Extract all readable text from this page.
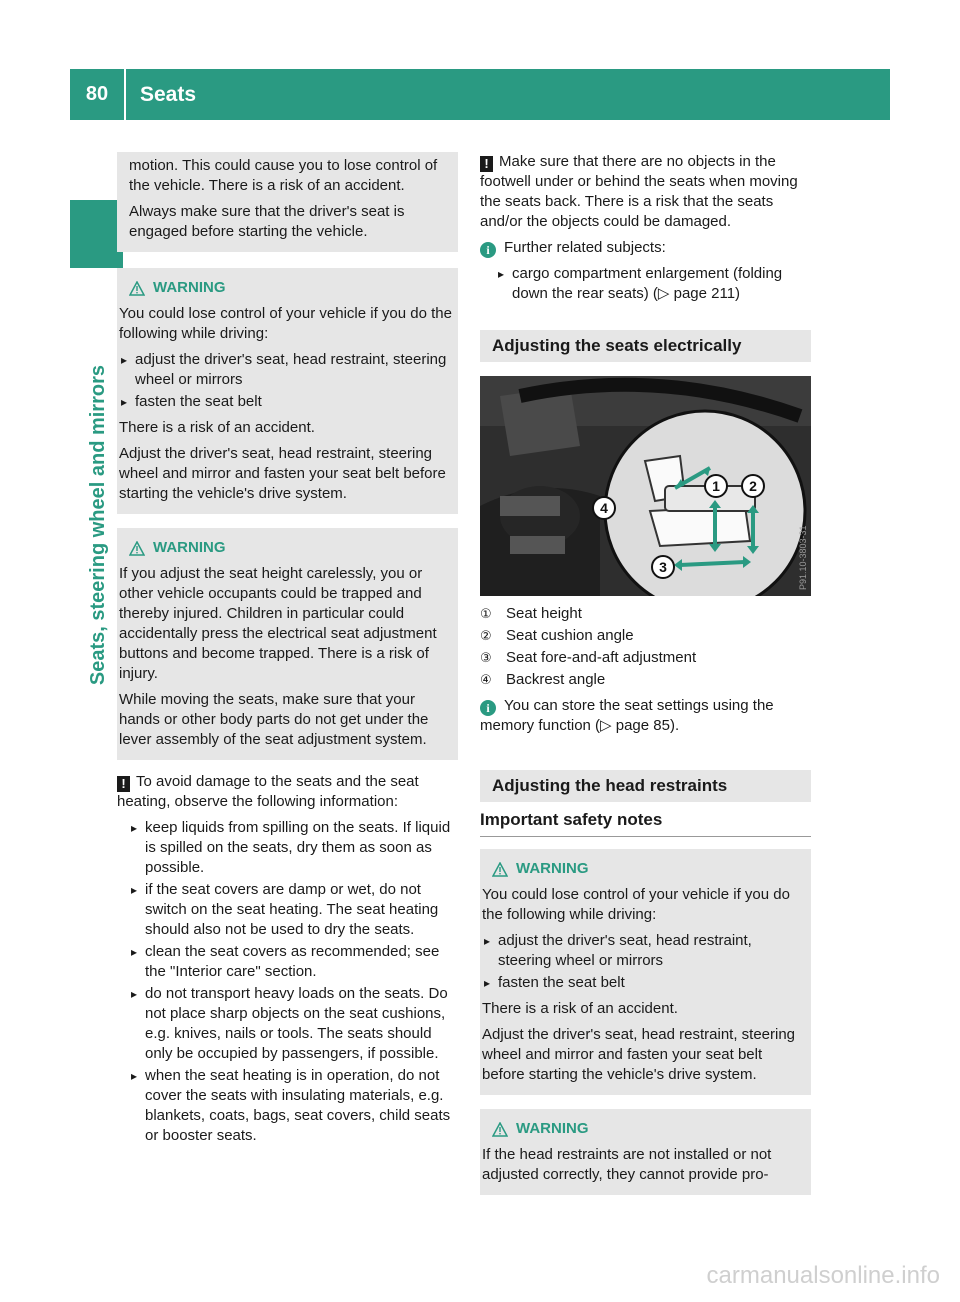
80	Seats
Seats, steering wheel and mirrors

motion. This could cause you to lose control of the vehicle. There is a risk of an accident.

Always make sure that the driver's seat is engaged before starting the vehicle.

WARNING

You could lose control of your vehicle if you do the following while driving:

▸ adjust the driver's seat, head restraint, steering wheel or mirrors
▸ fasten the seat belt

There is a risk of an accident.

Adjust the driver's seat, head restraint, steering wheel and mirror and fasten your seat belt before starting the vehicle's drive system.

WARNING

If you adjust the seat height carelessly, you or other vehicle occupants could be trapped and thereby injured. Children in particular could accidentally press the electrical seat adjustment buttons and become trapped. There is a risk of injury.

While moving the seats, make sure that your hands or other body parts do not get under the lever assembly of the seat adjustment system.

! To avoid damage to the seats and the seat heating, observe the following information:

▸ keep liquids from spilling on the seats. If liquid is spilled on the seats, dry them as soon as possible.
▸ if the seat covers are damp or wet, do not switch on the seat heating. The seat heating should also not be used to dry the seats.
▸ clean the seat covers as recommended; see the "Interior care" section.
▸ do not transport heavy loads on the seats. Do not place sharp objects on the seat cushions, e.g. knives, nails or tools. The seats should only be occupied by passengers, if possible.
▸ when the seat heating is in operation, do not cover the seats with insulating materials, e.g. blankets, coats, bags, seat covers, child seats or booster seats.

! Make sure that there are no objects in the footwell under or behind the seats when moving the seats back. There is a risk that the seats and/or the objects could be damaged.

i Further related subjects:

▸ cargo compartment enlargement (folding down the rear seats) (▷ page 211)
Adjusting the seats electrically
1 2
3
4
P91.10-3803-31
① Seat height
② Seat cushion angle
③ Seat fore-and-aft adjustment
④ Backrest angle

i You can store the seat settings using the memory function (▷ page 85).

Adjusting the head restraints
Important safety notes
WARNING

You could lose control of your vehicle if you do the following while driving:

▸ adjust the driver's seat, head restraint, steering wheel or mirrors
▸ fasten the seat belt

There is a risk of an accident.

Adjust the driver's seat, head restraint, steering wheel and mirror and fasten your seat belt before starting the vehicle's drive system.

WARNING

If the head restraints are not installed or not adjusted correctly, they cannot provide pro-

carmanualsonline.info
